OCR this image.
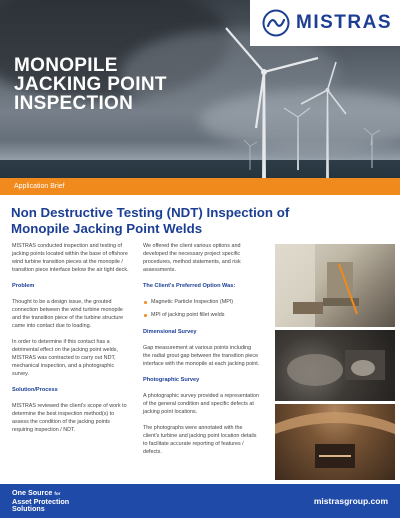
MISTRAS
MONOPILE
JACKING POINT
INSPECTION
Application Brief
Non Destructive Testing (NDT) Inspection of
Monopile Jacking Point Welds

MISTRAS conducted inspection and testing of jacking points located within the base of offshore wind turbine transition pieces at the monopile / transition piece interface below the air tight deck.

Problem

Thought to be a design issue, the grouted connection between the wind turbine monopile and the transition piece of the turbine structure came into contact due to loading.

In order to determine if this contact has a detrimental effect on the jacking point welds, MISTRAS was contracted to carry out NDT, mechanical inspection, and a photographic survey.

Solution/Process

MISTRAS reviewed the client's scope of work to determine the best inspection method(s) to assess the condition of the jacking points requiring inspection / NDT.

We offered the client various options and developed the necessary project specific procedures, method statements, and risk assessments.

The Client's Preferred Option Was:
Magnetic Particle Inspection (MPI)
MPI of jacking point fillet welds
Dimensional Survey

Gap measurement at various points including the radial grout gap between the transition piece interface with the monopile at each jacking point.

Photographic Survey

A photographic survey provided a representation of the general condition and specific defects at jacking point locations.

The photographs were annotated with the client's turbine and jacking point location details to facilitate accurate reporting of features / defects.

One Source for
Asset Protection
Solutions
mistrasgroup.com
